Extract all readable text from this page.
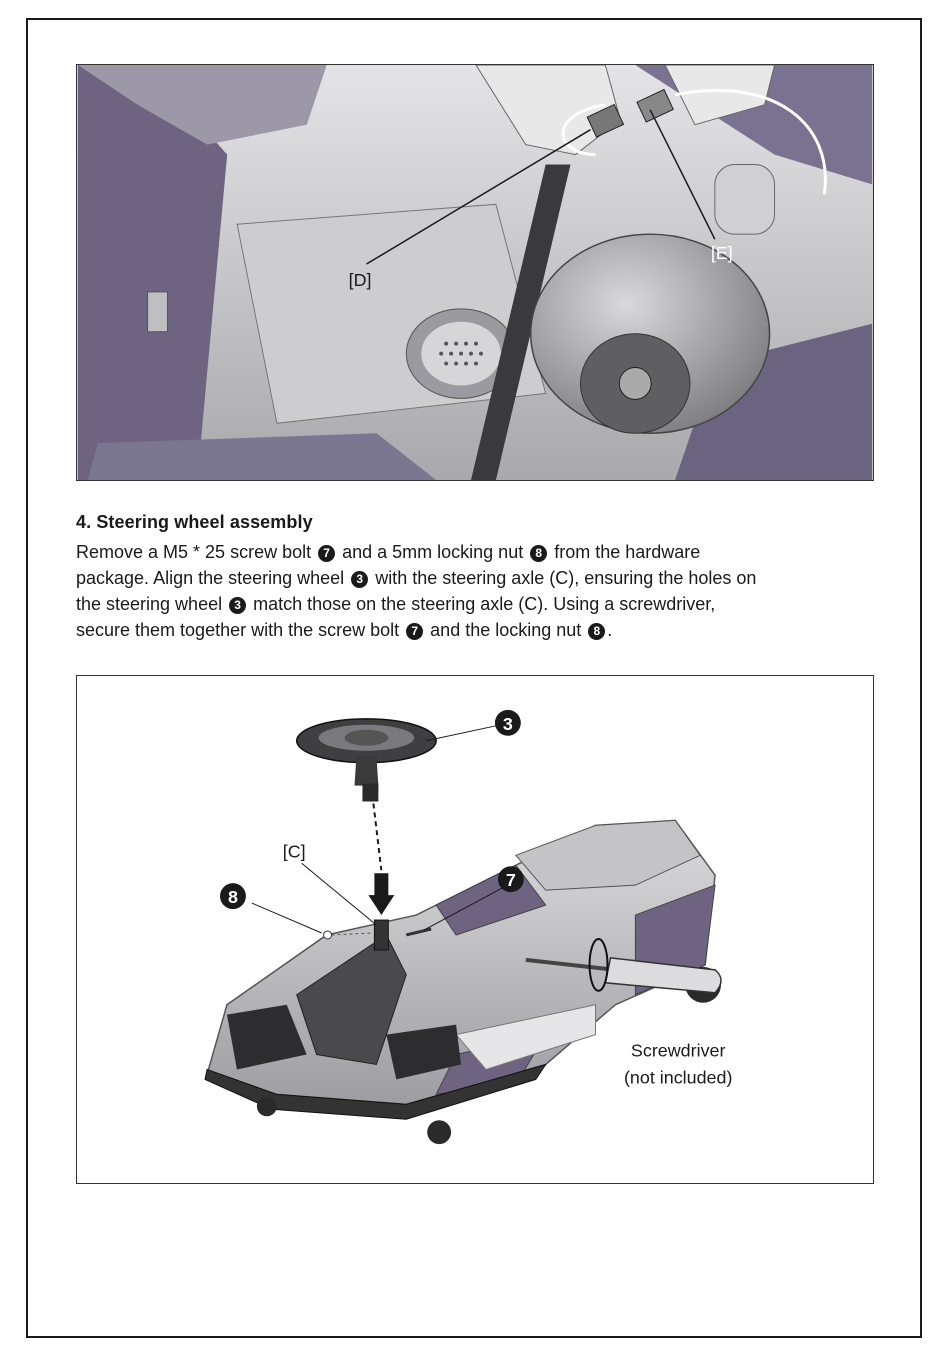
[D]
[E]

4. Steering wheel assembly

Remove a M5 * 25 screw bolt 7 and a 5mm locking nut 8 from the hardware
package. Align the steering wheel 3 with the steering axle (C), ensuring the holes on
the steering wheel 3 match those on the steering axle (C). Using a screwdriver,
secure them together with the screw bolt 7 and the locking nut 8 .

3
7
8
[C]
Screwdriver
(not included)
